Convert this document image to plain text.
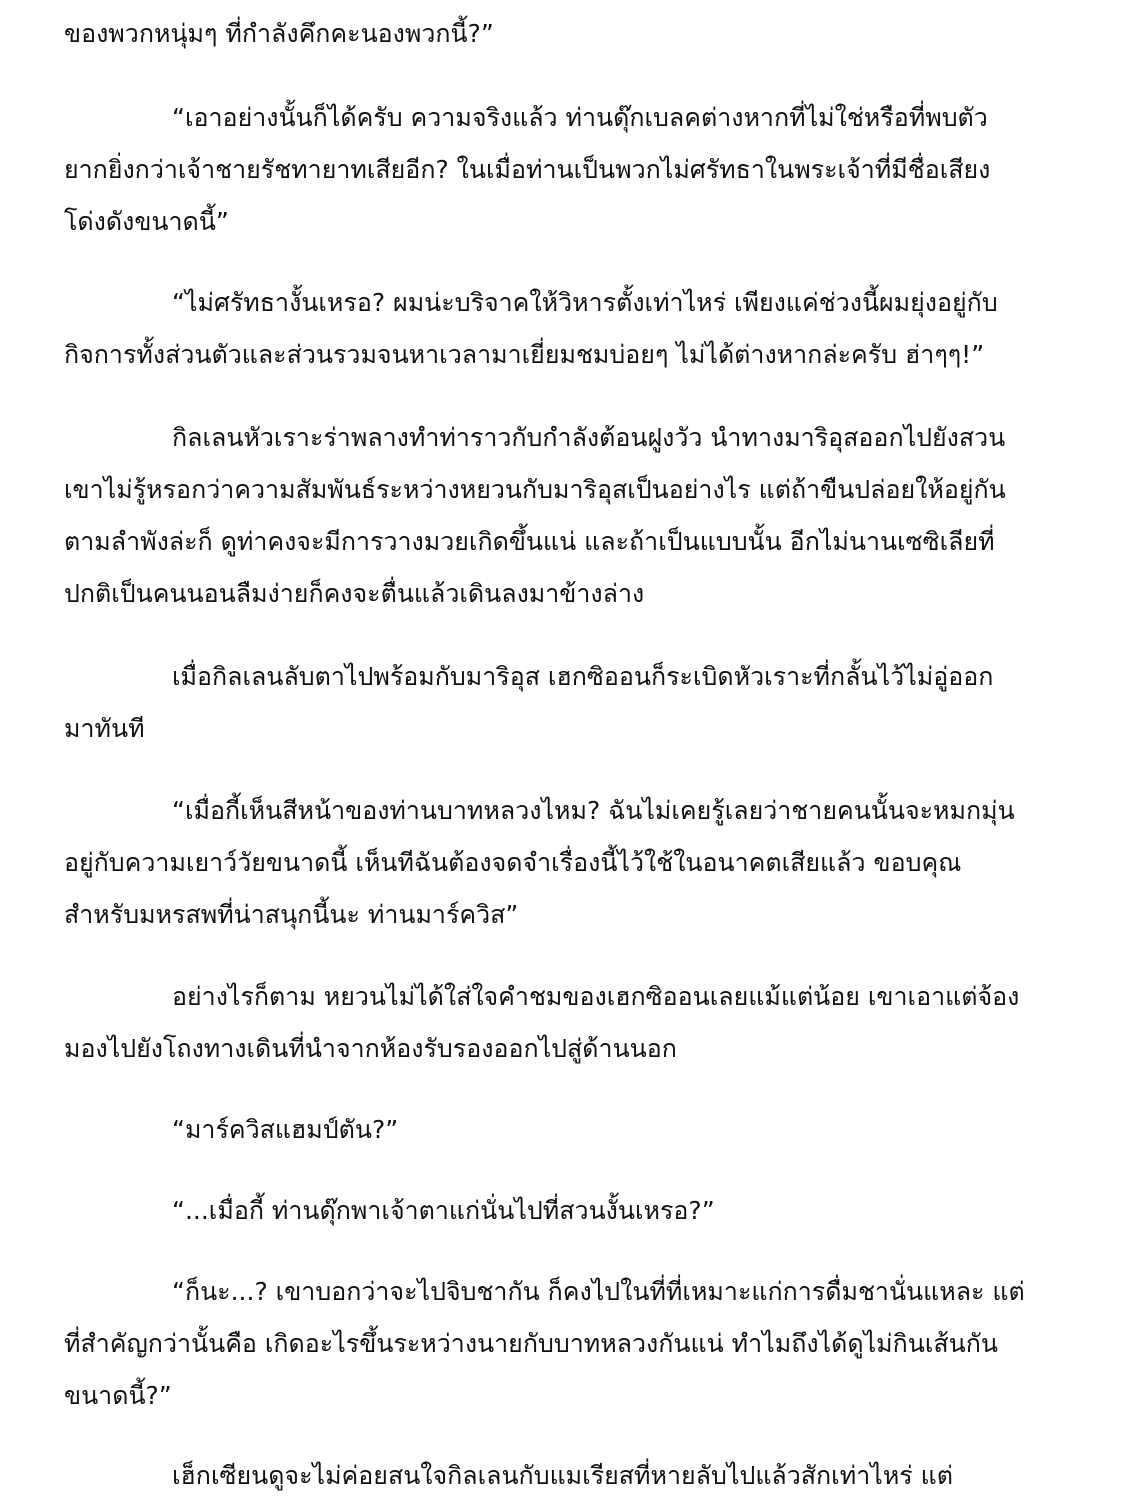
ของพวกหนุ่มๆ ที่กำลังคึกคะนองพวกนี้?”
“เอาอย่างนั้นก็ได้ครับ ความจริงแล้ว ท่านดุ๊กเบลคต่างหากที่ไม่ใช่หรือที่พบตัว
ยากยิ่งกว่าเจ้าชายรัชทายาทเสียอีก? ในเมื่อท่านเป็นพวกไม่ศรัทธาในพระเจ้าที่มีชื่อเสียง
โด่งดังขนาดนี้”
“ไม่ศรัทธางั้นเหรอ? ผมน่ะบริจาคให้วิหารตั้งเท่าไหร่ เพียงแค่ช่วงนี้ผมยุ่งอยู่กับ
กิจการทั้งส่วนตัวและส่วนรวมจนหาเวลามาเยี่ยมชมบ่อยๆ ไม่ได้ต่างหากล่ะครับ ฮ่าๆๆ!”
กิลเลนหัวเราะร่าพลางทำท่าราวกับกำลังต้อนฝูงวัว นำทางมาริอุสออกไปยังสวน
เขาไม่รู้หรอกว่าความสัมพันธ์ระหว่างหยวนกับมาริอุสเป็นอย่างไร แต่ถ้าขืนปล่อยให้อยู่กัน
ตามลำพังล่ะก็ ดูท่าคงจะมีการวางมวยเกิดขึ้นแน่ และถ้าเป็นแบบนั้น อีกไม่นานเซซิเลียที่
ปกติเป็นคนนอนลืมง่ายก็คงจะตื่นแล้วเดินลงมาข้างล่าง
เมื่อกิลเลนลับตาไปพร้อมกับมาริอุส เฮกซิออนก็ระเบิดหัวเราะที่กลั้นไว้ไม่อู่ออก
มาทันที
“เมื่อกี้เห็นสีหน้าของท่านบาทหลวงไหม? ฉันไม่เคยรู้เลยว่าชายคนนั้นจะหมกมุ่น
อยู่กับความเยาว์วัยขนาดนี้ เห็นทีฉันต้องจดจำเรื่องนี้ไว้ใช้ในอนาคตเสียแล้ว ขอบคุณ
สำหรับมหรสพที่น่าสนุกนี้นะ ท่านมาร์ควิส”
อย่างไรก็ตาม หยวนไม่ได้ใส่ใจคำชมของเฮกซิออนเลยแม้แต่น้อย เขาเอาแต่จ้อง
มองไปยังโถงทางเดินที่นำจากห้องรับรองออกไปสู่ด้านนอก
“มาร์ควิสแฮมป์ตัน?”
“...เมื่อกี้ ท่านดุ๊กพาเจ้าตาแก่นั่นไปที่สวนงั้นเหรอ?”
“ก็นะ...? เขาบอกว่าจะไปจิบชากัน ก็คงไปในที่ที่เหมาะแก่การดื่มชานั่นแหละ แต่
ที่สำคัญกว่านั้นคือ เกิดอะไรขึ้นระหว่างนายกับบาทหลวงกันแน่ ทำไมถึงได้ดูไม่กินเส้นกัน
ขนาดนี้?”
เฮ็กเซียนดูจะไม่ค่อยสนใจกิลเลนกับแมเรียสที่หายลับไปแล้วสักเท่าไหร่ แต่
